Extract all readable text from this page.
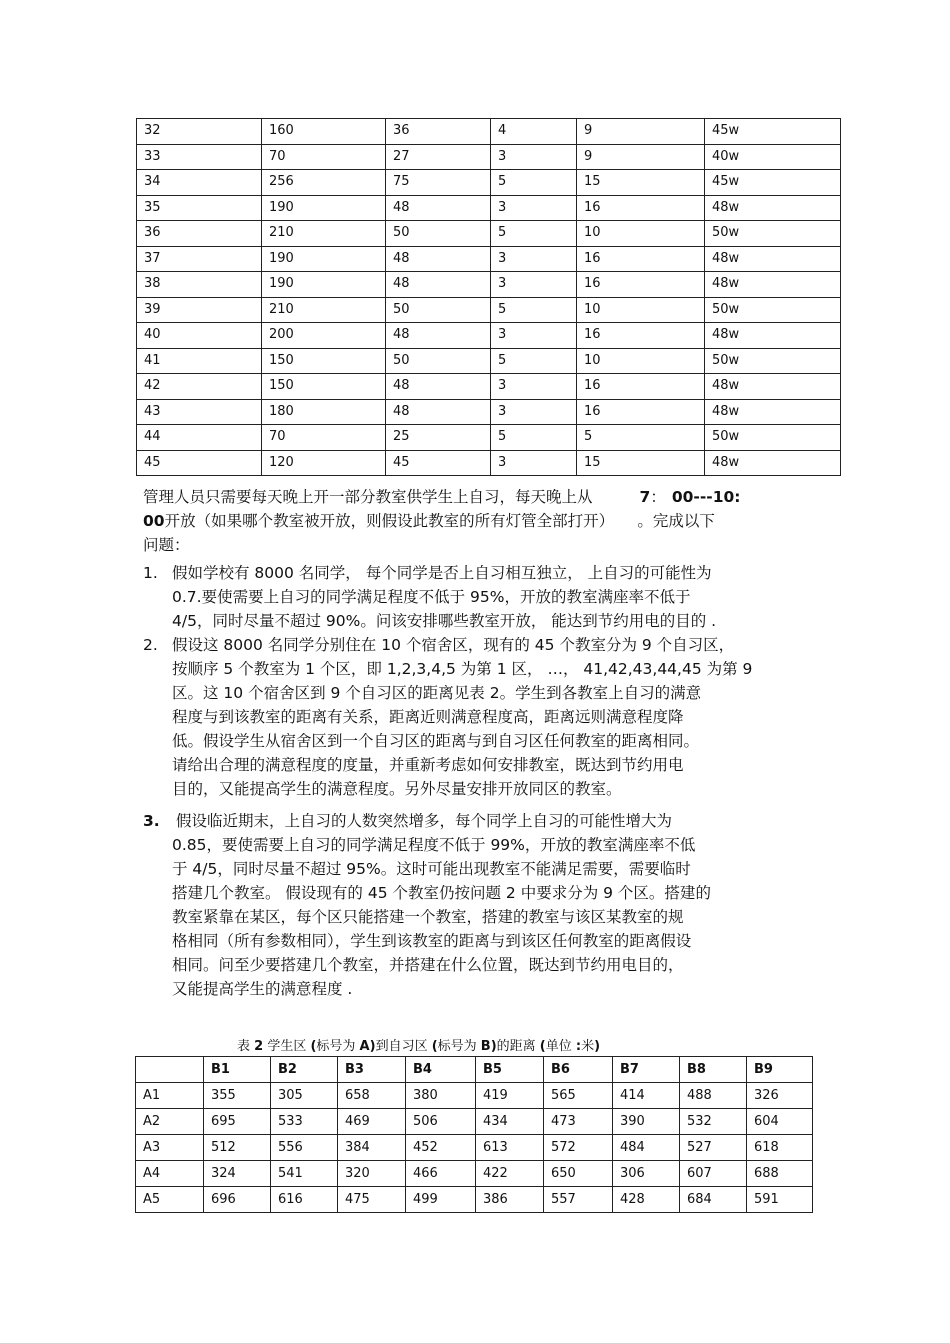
32	160	36	4	9	45w
33	70	27	3	9	40w
34	256	75	5	15	45w
35	190	48	3	16	48w
36	210	50	5	10	50w
37	190	48	3	16	48w
38	190	48	3	16	48w
39	210	50	5	10	50w
40	200	48	3	16	48w
41	150	50	5	10	50w
42	150	48	3	16	48w
43	180	48	3	16	48w
44	70	25	5	5	50w
45	120	45	3	15	48w
管理人员只需要每天晚上开一部分教室供学生上自习，每天晚上从	7： 00---10:
00开放（如果哪个教室被开放，则假设此教室的所有灯管全部打开）　　。完成以下
问题：
1. 假如学校有 8000 名同学， 每个同学是否上自习相互独立， 上自习的可能性为
0.7.要使需要上自习的同学满足程度不低于 95%，开放的教室满座率不低于
4/5，同时尽量不超过 90%。问该安排哪些教室开放， 能达到节约用电的目的 .
2. 假设这 8000 名同学分别住在 10 个宿舍区，现有的 45 个教室分为 9 个自习区，
按顺序 5 个教室为 1 个区，即 1,2,3,4,5 为第 1 区， …， 41,42,43,44,45 为第 9
区。这 10 个宿舍区到 9 个自习区的距离见表 2。学生到各教室上自习的满意
程度与到该教室的距离有关系，距离近则满意程度高，距离远则满意程度降
低。假设学生从宿舍区到一个自习区的距离与到自习区任何教室的距离相同。
请给出合理的满意程度的度量，并重新考虑如何安排教室，既达到节约用电
目的，又能提高学生的满意程度。另外尽量安排开放同区的教室。
3. 假设临近期末，上自习的人数突然增多，每个同学上自习的可能性增大为
0.85，要使需要上自习的同学满足程度不低于 99%，开放的教室满座率不低
于 4/5，同时尽量不超过 95%。这时可能出现教室不能满足需要，需要临时
搭建几个教室。 假设现有的 45 个教室仍按问题 2 中要求分为 9 个区。搭建的
教室紧靠在某区，每个区只能搭建一个教室，搭建的教室与该区某教室的规
格相同（所有参数相同），学生到该教室的距离与到该区任何教室的距离假设
相同。问至少要搭建几个教室，并搭建在什么位置，既达到节约用电目的，
又能提高学生的满意程度 .
表 2 学生区 (标号为 A)到自习区 (标号为 B)的距离 (单位 :米)
	B1	B2	B3	B4	B5	B6	B7	B8	B9
A1	355	305	658	380	419	565	414	488	326
A2	695	533	469	506	434	473	390	532	604
A3	512	556	384	452	613	572	484	527	618
A4	324	541	320	466	422	650	306	607	688
A5	696	616	475	499	386	557	428	684	591
